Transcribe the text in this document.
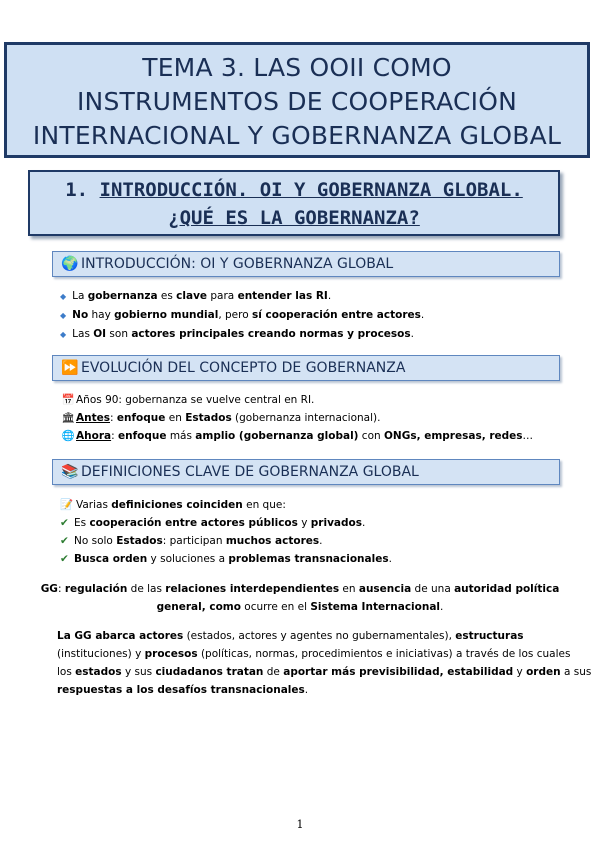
TEMA 3. LAS OOII COMO
INSTRUMENTOS DE COOPERACIÓN
INTERNACIONAL Y GOBERNANZA GLOBAL
1. INTRODUCCIÓN. OI Y GOBERNANZA GLOBAL.
¿QUÉ ES LA GOBERNANZA?
🌍 INTRODUCCIÓN: OI Y GOBERNANZA GLOBAL
◆ La gobernanza es clave para entender las RI.
◆ No hay gobierno mundial, pero sí cooperación entre actores.
◆ Las OI son actores principales creando normas y procesos.
⏩ EVOLUCIÓN DEL CONCEPTO DE GOBERNANZA
📅Años 90: gobernanza se vuelve central en RI.
🏛Antes: enfoque en Estados (gobernanza internacional).
🌐Ahora: enfoque más amplio (gobernanza global) con ONGs, empresas, redes…
📚 DEFINICIONES CLAVE DE GOBERNANZA GLOBAL
📝 Varias definiciones coinciden en que:
✔ Es cooperación entre actores públicos y privados.
✔ No solo Estados: participan muchos actores.
✔ Busca orden y soluciones a problemas transnacionales.
GG: regulación de las relaciones interdependientes en ausencia de una autoridad política
general, como ocurre en el Sistema Internacional.
La GG abarca actores (estados, actores y agentes no gubernamentales), estructuras
(instituciones) y procesos (políticas, normas, procedimientos e iniciativas) a través de los cuales
los estados y sus ciudadanos tratan de aportar más previsibilidad, estabilidad y orden a sus
respuestas a los desafíos transnacionales.
1
